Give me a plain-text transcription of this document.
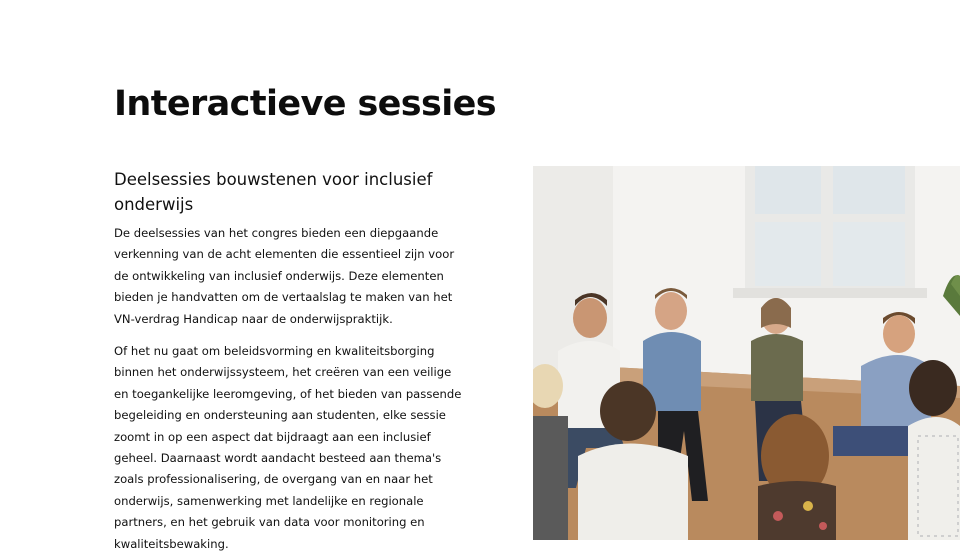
Interactieve sessies
Deelsessies bouwstenen voor inclusief onderwijs

De deelsessies van het congres bieden een diepgaande verkenning van de acht elementen die essentieel zijn voor de ontwikkeling van inclusief onderwijs. Deze elementen bieden je handvatten om de vertaalslag te maken van het VN-verdrag Handicap naar de onderwijspraktijk.

Of het nu gaat om beleidsvorming en kwaliteitsborging binnen het onderwijssysteem, het creëren van een veilige en toegankelijke leeromgeving, of het bieden van passende begeleiding en ondersteuning aan studenten, elke sessie zoomt in op een aspect dat bijdraagt aan een inclusief geheel. Daarnaast wordt aandacht besteed aan thema's zoals professionalisering, de overgang van en naar het onderwijs, samenwerking met landelijke en regionale partners, en het gebruik van data voor monitoring en kwaliteitsbewaking.
